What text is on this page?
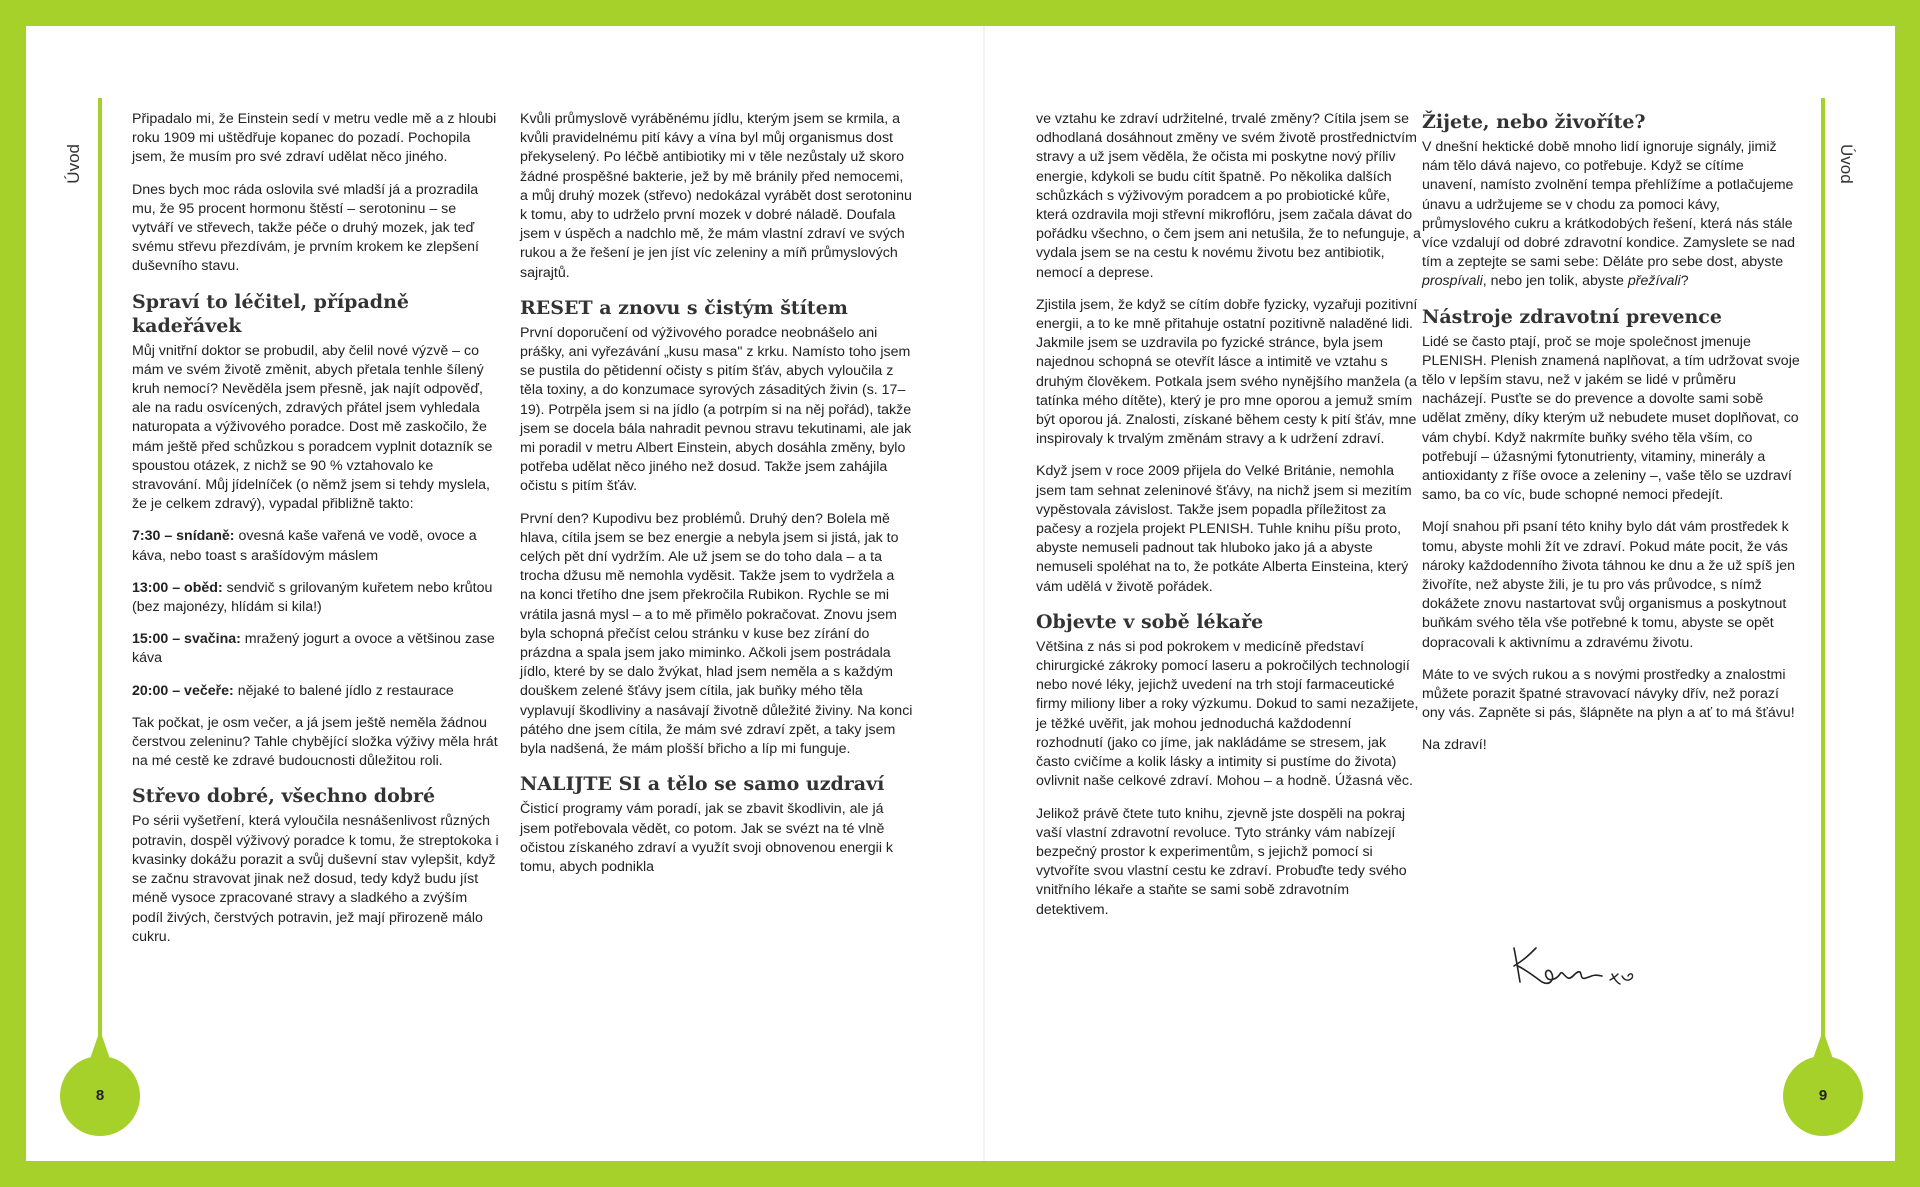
Úvod
8
Úvod
9

Připadalo mi, že Einstein sedí v metru vedle mě a z hloubi roku 1909 mi uštědřuje kopanec do pozadí. Pochopila jsem, že musím pro své zdraví udělat něco jiného.

Dnes bych moc ráda oslovila své mladší já a prozradila mu, že 95 procent hormonu štěstí – serotoninu – se vytváří ve střevech, takže péče o druhý mozek, jak teď svému střevu přezdívám, je prvním krokem ke zlepšení duševního stavu.

Spraví to léčitel, případně kadeřávek

Můj vnitřní doktor se probudil, aby čelil nové výzvě – co mám ve svém životě změnit, abych přetala tenhle šílený kruh nemocí? Nevěděla jsem přesně, jak najít odpověď, ale na radu osvícených, zdravých přátel jsem vyhledala naturopata a výživového poradce. Dost mě zaskočilo, že mám ještě před schůzkou s poradcem vyplnit dotazník se spoustou otázek, z nichž se 90 % vztahovalo ke stravování. Můj jídelníček (o němž jsem si tehdy myslela, že je celkem zdravý), vypadal přibližně takto:

7:30 – snídaně: ovesná kaše vařená ve vodě, ovoce a káva, nebo toast s arašídovým máslem

13:00 – oběd: sendvič s grilovaným kuřetem nebo krůtou (bez majonézy, hlídám si kila!)

15:00 – svačina: mražený jogurt a ovoce a většinou zase káva

20:00 – večeře: nějaké to balené jídlo z restaurace

Tak počkat, je osm večer, a já jsem ještě neměla žádnou čerstvou zeleninu? Tahle chybějící složka výživy měla hrát na mé cestě ke zdravé budoucnosti důležitou roli.

Střevo dobré, všechno dobré

Po sérii vyšetření, která vyloučila nesnášenlivost různých potravin, dospěl výživový poradce k tomu, že streptokoka i kvasinky dokážu porazit a svůj duševní stav vylepšit, když se začnu stravovat jinak než dosud, tedy když budu jíst méně vysoce zpracované stravy a sladkého a zvýším podíl živých, čerstvých potravin, jež mají přirozeně málo cukru.

Kvůli průmyslově vyráběnému jídlu, kterým jsem se krmila, a kvůli pravidelnému pití kávy a vína byl můj organismus dost překyselený. Po léčbě antibiotiky mi v těle nezůstaly už skoro žádné prospěšné bakterie, jež by mě bránily před nemocemi, a můj druhý mozek (střevo) nedokázal vyrábět dost serotoninu k tomu, aby to udrželo první mozek v dobré náladě. Doufala jsem v úspěch a nadchlo mě, že mám vlastní zdraví ve svých rukou a že řešení je jen jíst víc zeleniny a míň průmyslových sajrajtů.

RESET a znovu s čistým štítem

První doporučení od výživového poradce neobnášelo ani prášky, ani vyřezávání „kusu masa" z krku. Namísto toho jsem se pustila do pětidenní očisty s pitím šťáv, abych vyloučila z těla toxiny, a do konzumace syrových zásaditých živin (s. 17–19). Potrpěla jsem si na jídlo (a potrpím si na něj pořád), takže jsem se docela bála nahradit pevnou stravu tekutinami, ale jak mi poradil v metru Albert Einstein, abych dosáhla změny, bylo potřeba udělat něco jiného než dosud. Takže jsem zahájila očistu s pitím šťáv.

První den? Kupodivu bez problémů. Druhý den? Bolela mě hlava, cítila jsem se bez energie a nebyla jsem si jistá, jak to celých pět dní vydržím. Ale už jsem se do toho dala – a ta trocha džusu mě nemohla vyděsit. Takže jsem to vydržela a na konci třetího dne jsem překročila Rubikon. Rychle se mi vrátila jasná mysl – a to mě přimělo pokračovat. Znovu jsem byla schopná přečíst celou stránku v kuse bez zírání do prázdna a spala jsem jako miminko. Ačkoli jsem postrádala jídlo, které by se dalo žvýkat, hlad jsem neměla a s každým douškem zelené šťávy jsem cítila, jak buňky mého těla vyplavují škodliviny a nasávají životně důležité živiny. Na konci pátého dne jsem cítila, že mám své zdraví zpět, a taky jsem byla nadšená, že mám plošší břicho a líp mi funguje.

NALIJTE SI a tělo se samo uzdraví

Čisticí programy vám poradí, jak se zbavit škodlivin, ale já jsem potřebovala vědět, co potom. Jak se svézt na té vlně očistou získaného zdraví a využít svoji obnovenou energii k tomu, abych podnikla

ve vztahu ke zdraví udržitelné, trvalé změny? Cítila jsem se odhodlaná dosáhnout změny ve svém životě prostřednictvím stravy a už jsem věděla, že očista mi poskytne nový příliv energie, kdykoli se budu cítit špatně. Po několika dalších schůzkách s výživovým poradcem a po probiotické kůře, která ozdravila moji střevní mikroflóru, jsem začala dávat do pořádku všechno, o čem jsem ani netušila, že to nefunguje, a vydala jsem se na cestu k novému životu bez antibiotik, nemocí a deprese.

Zjistila jsem, že když se cítím dobře fyzicky, vyzařuji pozitivní energii, a to ke mně přitahuje ostatní pozitivně naladěné lidi. Jakmile jsem se uzdravila po fyzické stránce, byla jsem najednou schopná se otevřít lásce a intimitě ve vztahu s druhým člověkem. Potkala jsem svého nynějšího manžela (a tatínka mého dítěte), který je pro mne oporou a jemuž smím být oporou já. Znalosti, získané během cesty k pití šťáv, mne inspirovaly k trvalým změnám stravy a k udržení zdraví.

Když jsem v roce 2009 přijela do Velké Británie, nemohla jsem tam sehnat zeleninové šťávy, na nichž jsem si mezitím vypěstovala závislost. Takže jsem popadla příležitost za pačesy a rozjela projekt PLENISH. Tuhle knihu píšu proto, abyste nemuseli padnout tak hluboko jako já a abyste nemuseli spoléhat na to, že potkáte Alberta Einsteina, který vám udělá v životě pořádek.

Objevte v sobě lékaře

Většina z nás si pod pokrokem v medicíně představí chirurgické zákroky pomocí laseru a pokročilých technologií nebo nové léky, jejichž uvedení na trh stojí farmaceutické firmy miliony liber a roky výzkumu. Dokud to sami nezažijete, je těžké uvěřit, jak mohou jednoduchá každodenní rozhodnutí (jako co jíme, jak nakládáme se stresem, jak často cvičíme a kolik lásky a intimity si pustíme do života) ovlivnit naše celkové zdraví. Mohou – a hodně. Úžasná věc.

Jelikož právě čtete tuto knihu, zjevně jste dospěli na pokraj vaší vlastní zdravotní revoluce. Tyto stránky vám nabízejí bezpečný prostor k experimentům, s jejichž pomocí si vytvoříte svou vlastní cestu ke zdraví. Probuďte tedy svého vnitřního lékaře a staňte se sami sobě zdravotním detektivem.

Žijete, nebo živoříte?

V dnešní hektické době mnoho lidí ignoruje signály, jimiž nám tělo dává najevo, co potřebuje. Když se cítíme unavení, namísto zvolnění tempa přehlížíme a potlačujeme únavu a udržujeme se v chodu za pomoci kávy, průmyslového cukru a krátkodobých řešení, která nás stále více vzdalují od dobré zdravotní kondice. Zamyslete se nad tím a zeptejte se sami sebe: Děláte pro sebe dost, abyste prospívali, nebo jen tolik, abyste přežívali?

Nástroje zdravotní prevence

Lidé se často ptají, proč se moje společnost jmenuje PLENISH. Plenish znamená naplňovat, a tím udržovat svoje tělo v lepším stavu, než v jakém se lidé v průměru nacházejí. Pusťte se do prevence a dovolte sami sobě udělat změny, díky kterým už nebudete muset doplňovat, co vám chybí. Když nakrmíte buňky svého těla vším, co potřebují – úžasnými fytonutrienty, vitaminy, minerály a antioxidanty z říše ovoce a zeleniny –, vaše tělo se uzdraví samo, ba co víc, bude schopné nemoci předejít.

Mojí snahou při psaní této knihy bylo dát vám prostředek k tomu, abyste mohli žít ve zdraví. Pokud máte pocit, že vás nároky každodenního života táhnou ke dnu a že už spíš jen živoříte, než abyste žili, je tu pro vás průvodce, s nímž dokážete znovu nastartovat svůj organismus a poskytnout buňkám svého těla vše potřebné k tomu, abyste se opět dopracovali k aktivnímu a zdravému životu.

Máte to ve svých rukou a s novými prostředky a znalostmi můžete porazit špatné stravovací návyky dřív, než porazí ony vás. Zapněte si pás, šlápněte na plyn a ať to má šťávu!

Na zdraví!
